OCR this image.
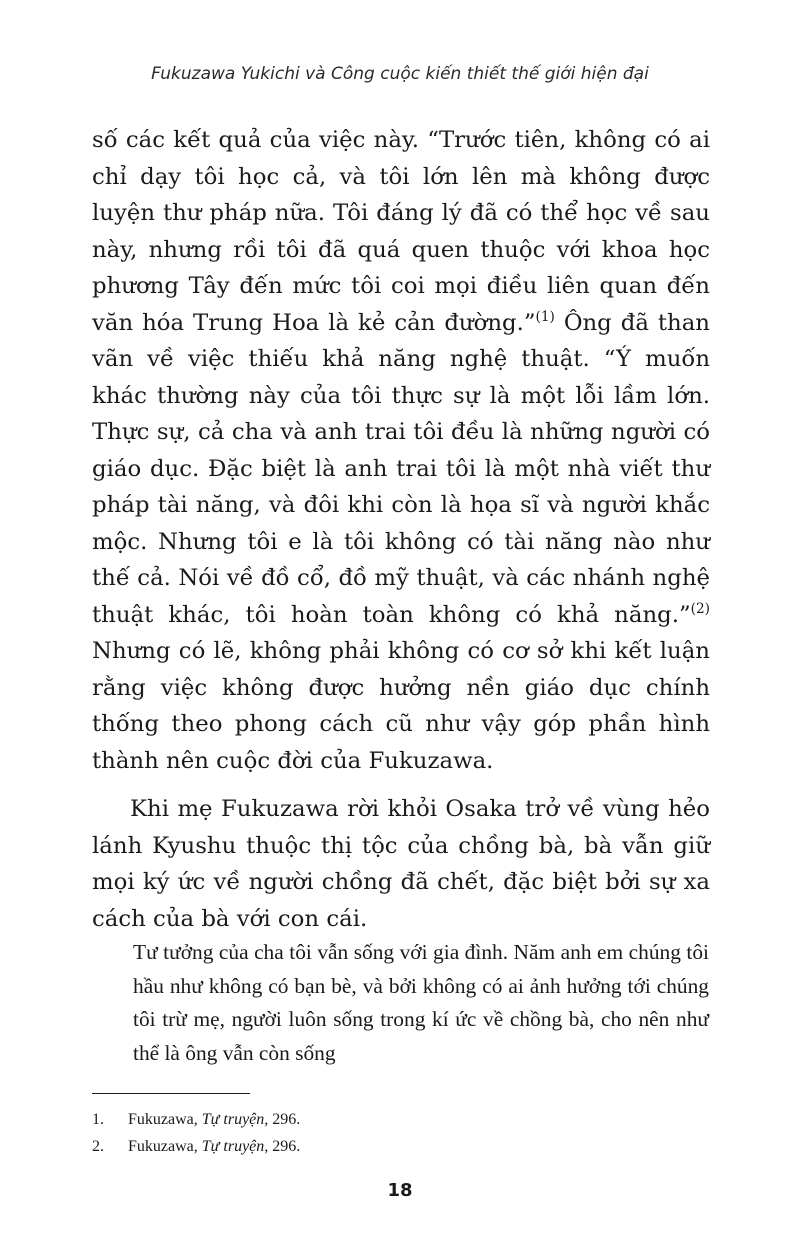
Fukuzawa Yukichi và Công cuộc kiến thiết thế giới hiện đại

số các kết quả của việc này. “Trước tiên, không có ai chỉ dạy tôi học cả, và tôi lớn lên mà không được luyện thư pháp nữa. Tôi đáng lý đã có thể học về sau này, nhưng rồi tôi đã quá quen thuộc với khoa học phương Tây đến mức tôi coi mọi điều liên quan đến văn hóa Trung Hoa là kẻ cản đường.”$^{(1)}$ Ông đã than vãn về việc thiếu khả năng nghệ thuật. “Ý muốn khác thường này của tôi thực sự là một lỗi lầm lớn. Thực sự, cả cha và anh trai tôi đều là những người có giáo dục. Đặc biệt là anh trai tôi là một nhà viết thư pháp tài năng, và đôi khi còn là họa sĩ và người khắc mộc. Nhưng tôi e là tôi không có tài năng nào như thế cả. Nói về đồ cổ, đồ mỹ thuật, và các nhánh nghệ thuật khác, tôi hoàn toàn không có khả năng.”$^{(2)}$ Nhưng có lẽ, không phải không có cơ sở khi kết luận rằng việc không được hưởng nền giáo dục chính thống theo phong cách cũ như vậy góp phần hình thành nên cuộc đời của Fukuzawa.

Khi mẹ Fukuzawa rời khỏi Osaka trở về vùng hẻo lánh Kyushu thuộc thị tộc của chồng bà, bà vẫn giữ mọi ký ức về người chồng đã chết, đặc biệt bởi sự xa cách của bà với con cái.

Tư tưởng của cha tôi vẫn sống với gia đình. Năm anh em chúng tôi hầu như không có bạn bè, và bởi không có ai ảnh hưởng tới chúng tôi trừ mẹ, người luôn sống trong kí ức về chồng bà, cho nên như thể là ông vẫn còn sống

1.	Fukuzawa, Tự truyện, 296.
2.	Fukuzawa, Tự truyện, 296.
18
